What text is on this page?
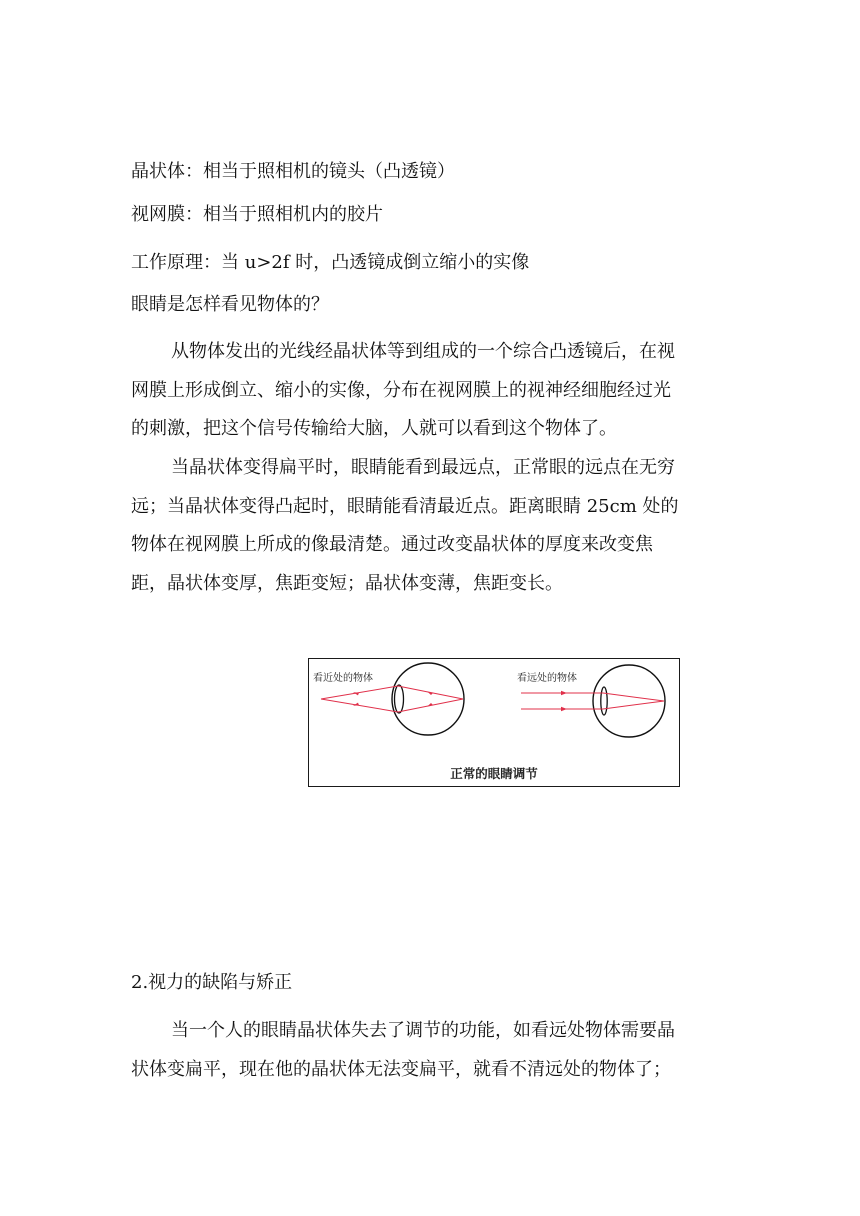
晶状体：相当于照相机的镜头（凸透镜）
视网膜：相当于照相机内的胶片
工作原理：当 u>2f 时，凸透镜成倒立缩小的实像
眼睛是怎样看见物体的？
从物体发出的光线经晶状体等到组成的一个综合凸透镜后，在视
网膜上形成倒立、缩小的实像，分布在视网膜上的视神经细胞经过光
的刺激，把这个信号传输给大脑，人就可以看到这个物体了。
当晶状体变得扁平时，眼睛能看到最远点，正常眼的远点在无穷
远；当晶状体变得凸起时，眼睛能看清最近点。距离眼睛 25cm 处的
物体在视网膜上所成的像最清楚。通过改变晶状体的厚度来改变焦
距，晶状体变厚，焦距变短；晶状体变薄，焦距变长。
看近处的物体	看远处的物体
正常的眼睛调节
2.视力的缺陷与矫正
当一个人的眼睛晶状体失去了调节的功能，如看远处物体需要晶
状体变扁平，现在他的晶状体无法变扁平，就看不清远处的物体了；
